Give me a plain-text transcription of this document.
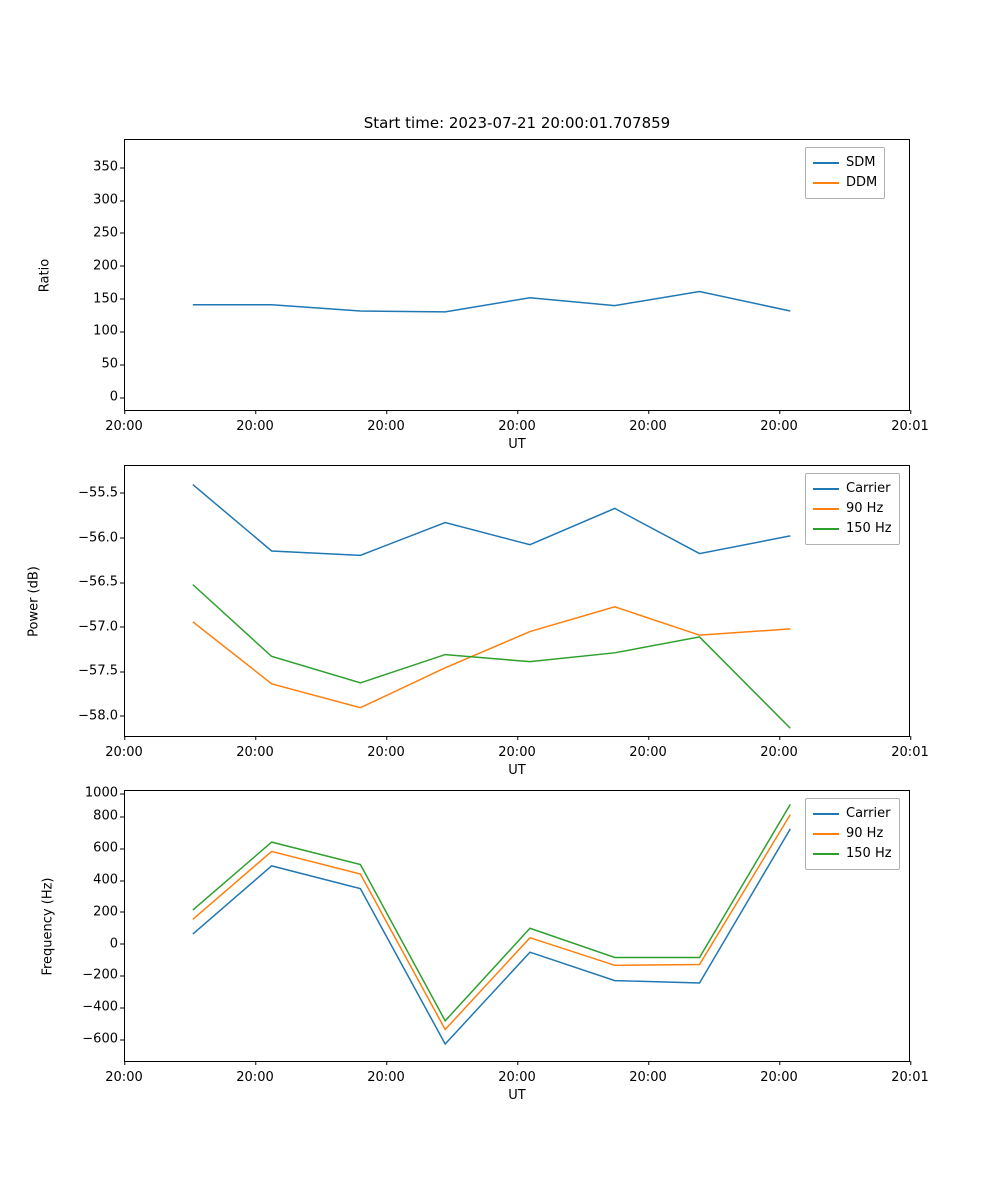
Start time: 2023-07-21 20:00:01.707859
0
50
100
150
200
250
300
350
20:00	20:00	20:00	20:00	20:00	20:00	20:01
UT
Ratio
SDM
DDM
−58.0
−57.5
−57.0
−56.5
−56.0
−55.5
20:00	20:00	20:00	20:00	20:00	20:00	20:01
UT
Power (dB)
Carrier
90 Hz
150 Hz
−600
−400
−200
0
200
400
600
800
1000
20:00	20:00	20:00	20:00	20:00	20:00	20:01
UT
Frequency (Hz)
Carrier
90 Hz
150 Hz
